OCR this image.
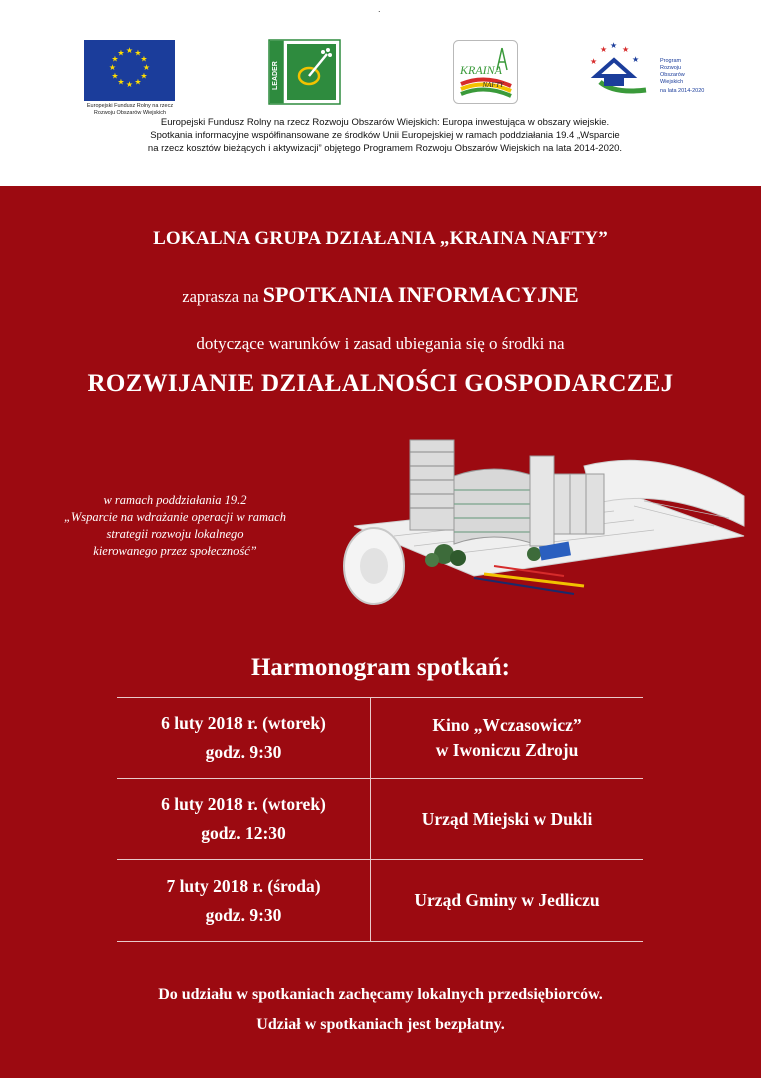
.
★ ★
★
★
★
★
★
★
★
★
★
★
Europejski Fundusz Rolny na rzecz
Rozwoju Obszarów Wiejskich
LEADER	KRAINA
NAFTY
★
★ ★
★
★	Program
Rozwoju
Obszarów
Wiejskich
na lata 2014-2020
Europejski Fundusz Rolny na rzecz Rozwoju Obszarów Wiejskich: Europa inwestująca w obszary wiejskie.
Spotkania informacyjne współfinansowane ze środków Unii Europejskiej w ramach poddziałania 19.4 „Wsparcie
na rzecz kosztów bieżących i aktywizacji” objętego Programem Rozwoju Obszarów Wiejskich na lata 2014-2020.
LOKALNA GRUPA DZIAŁANIA „KRAINA NAFTY”
zaprasza na SPOTKANIA INFORMACYJNE
dotyczące warunków i zasad ubiegania się o środki na
ROZWIJANIE DZIAŁALNOŚCI GOSPODARCZEJ
w ramach poddziałania 19.2
„Wsparcie na wdrażanie operacji w ramach
strategii rozwoju lokalnego
kierowanego przez społeczność”
Harmonogram spotkań:
6 luty 2018 r. (wtorek)
godz. 9:30	Kino „Wczasowicz”
w Iwoniczu Zdroju

6 luty 2018 r. (wtorek)
godz. 12:30	Urząd Miejski w Dukli

7 luty 2018 r. (środa)
godz. 9:30	Urząd Gminy w Jedliczu
Do udziału w spotkaniach zachęcamy lokalnych przedsiębiorców.
Udział w spotkaniach jest bezpłatny.
